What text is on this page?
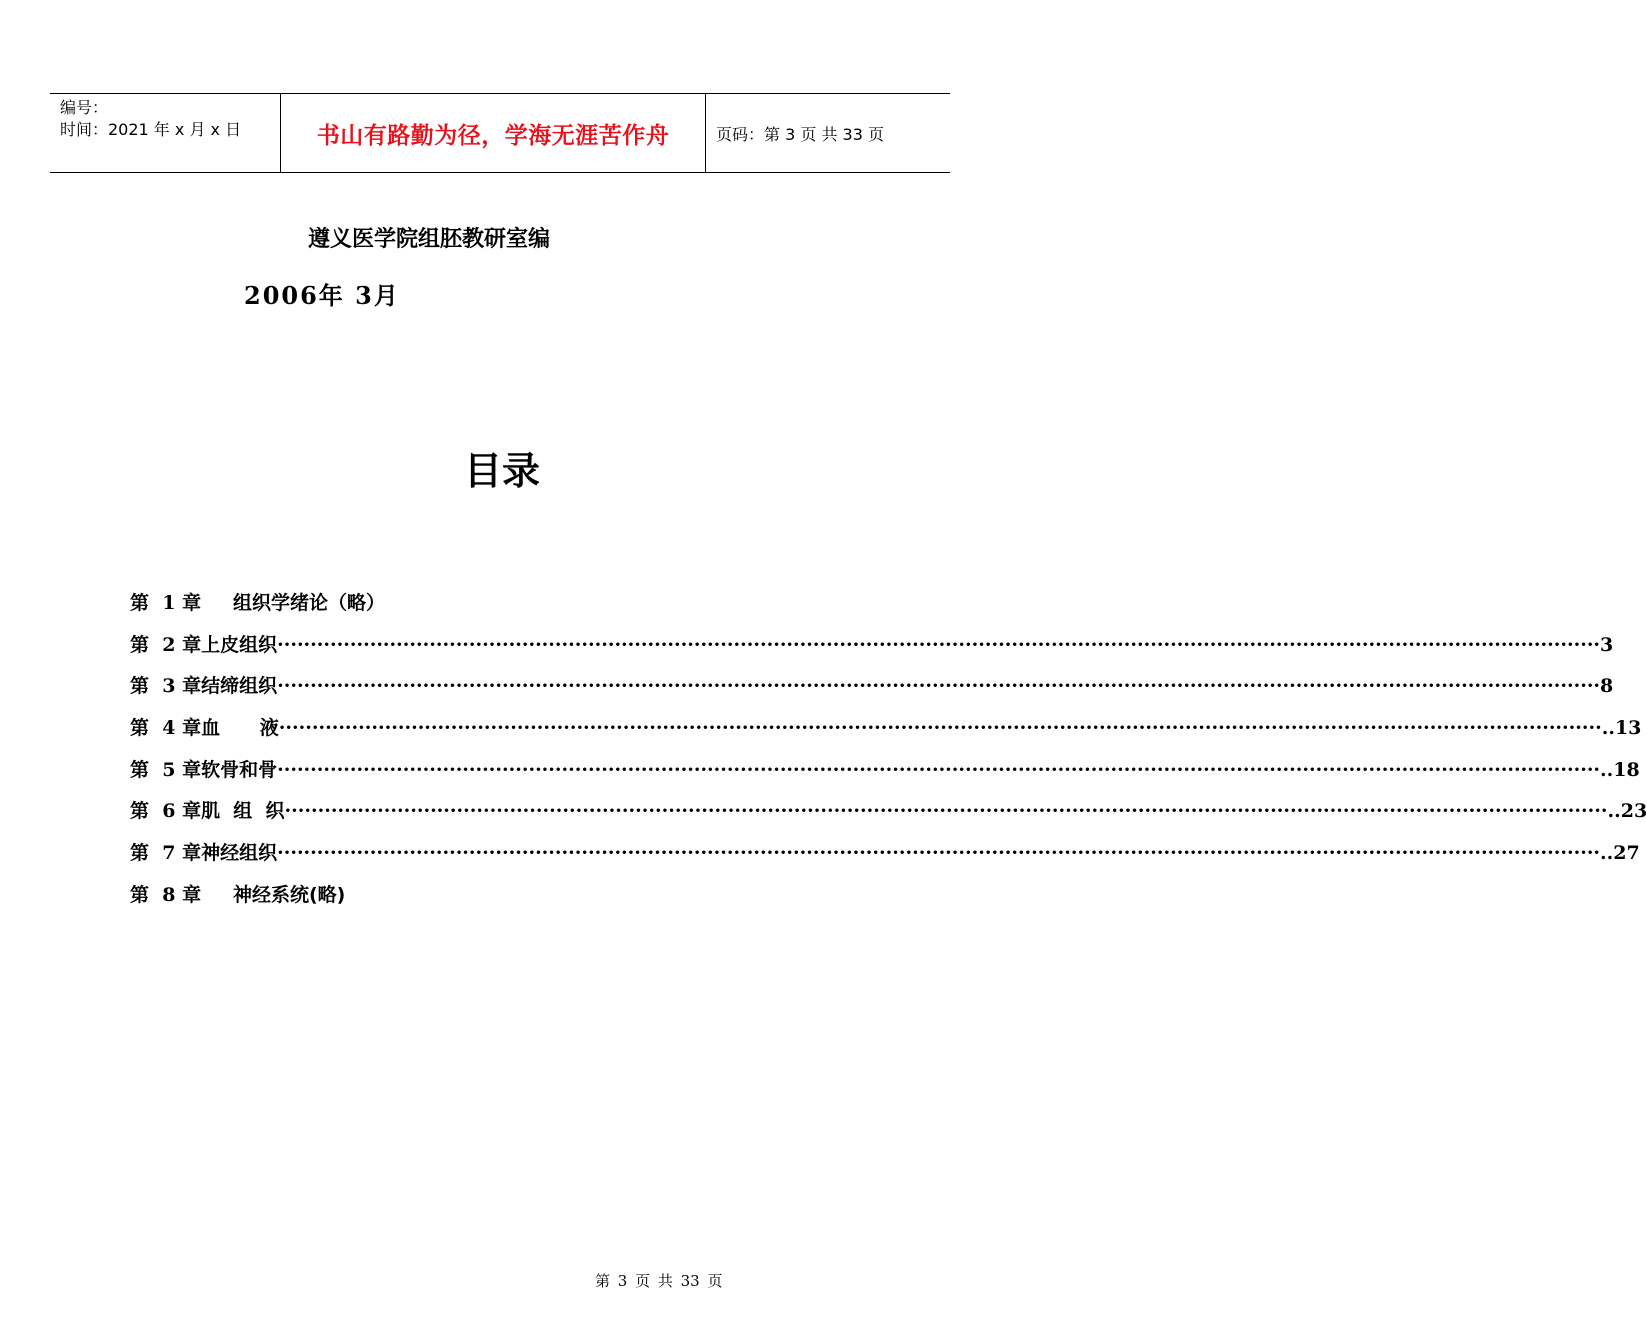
编号：
时间：2021 年 x 月 x 日	书山有路勤为径，学海无涯苦作舟	页码：第 3 页 共 33 页
遵义医学院组胚教研室编
2006年 3月
目录
第  1 章	组织学绪论（略）
第  2 章 上皮组织 ········································································································································································································ 3
第  3 章 结缔组织 ········································································································································································································ 8
第  4 章 血      液 ········································································································································································································ ..13
第  5 章 软骨和骨 ········································································································································································································ ..18
第  6 章 肌  组  织 ········································································································································································································ ..23
第  7 章 神经组织 ········································································································································································································ ..27
第  8 章	神经系统(略)
第 3 页 共 33 页
